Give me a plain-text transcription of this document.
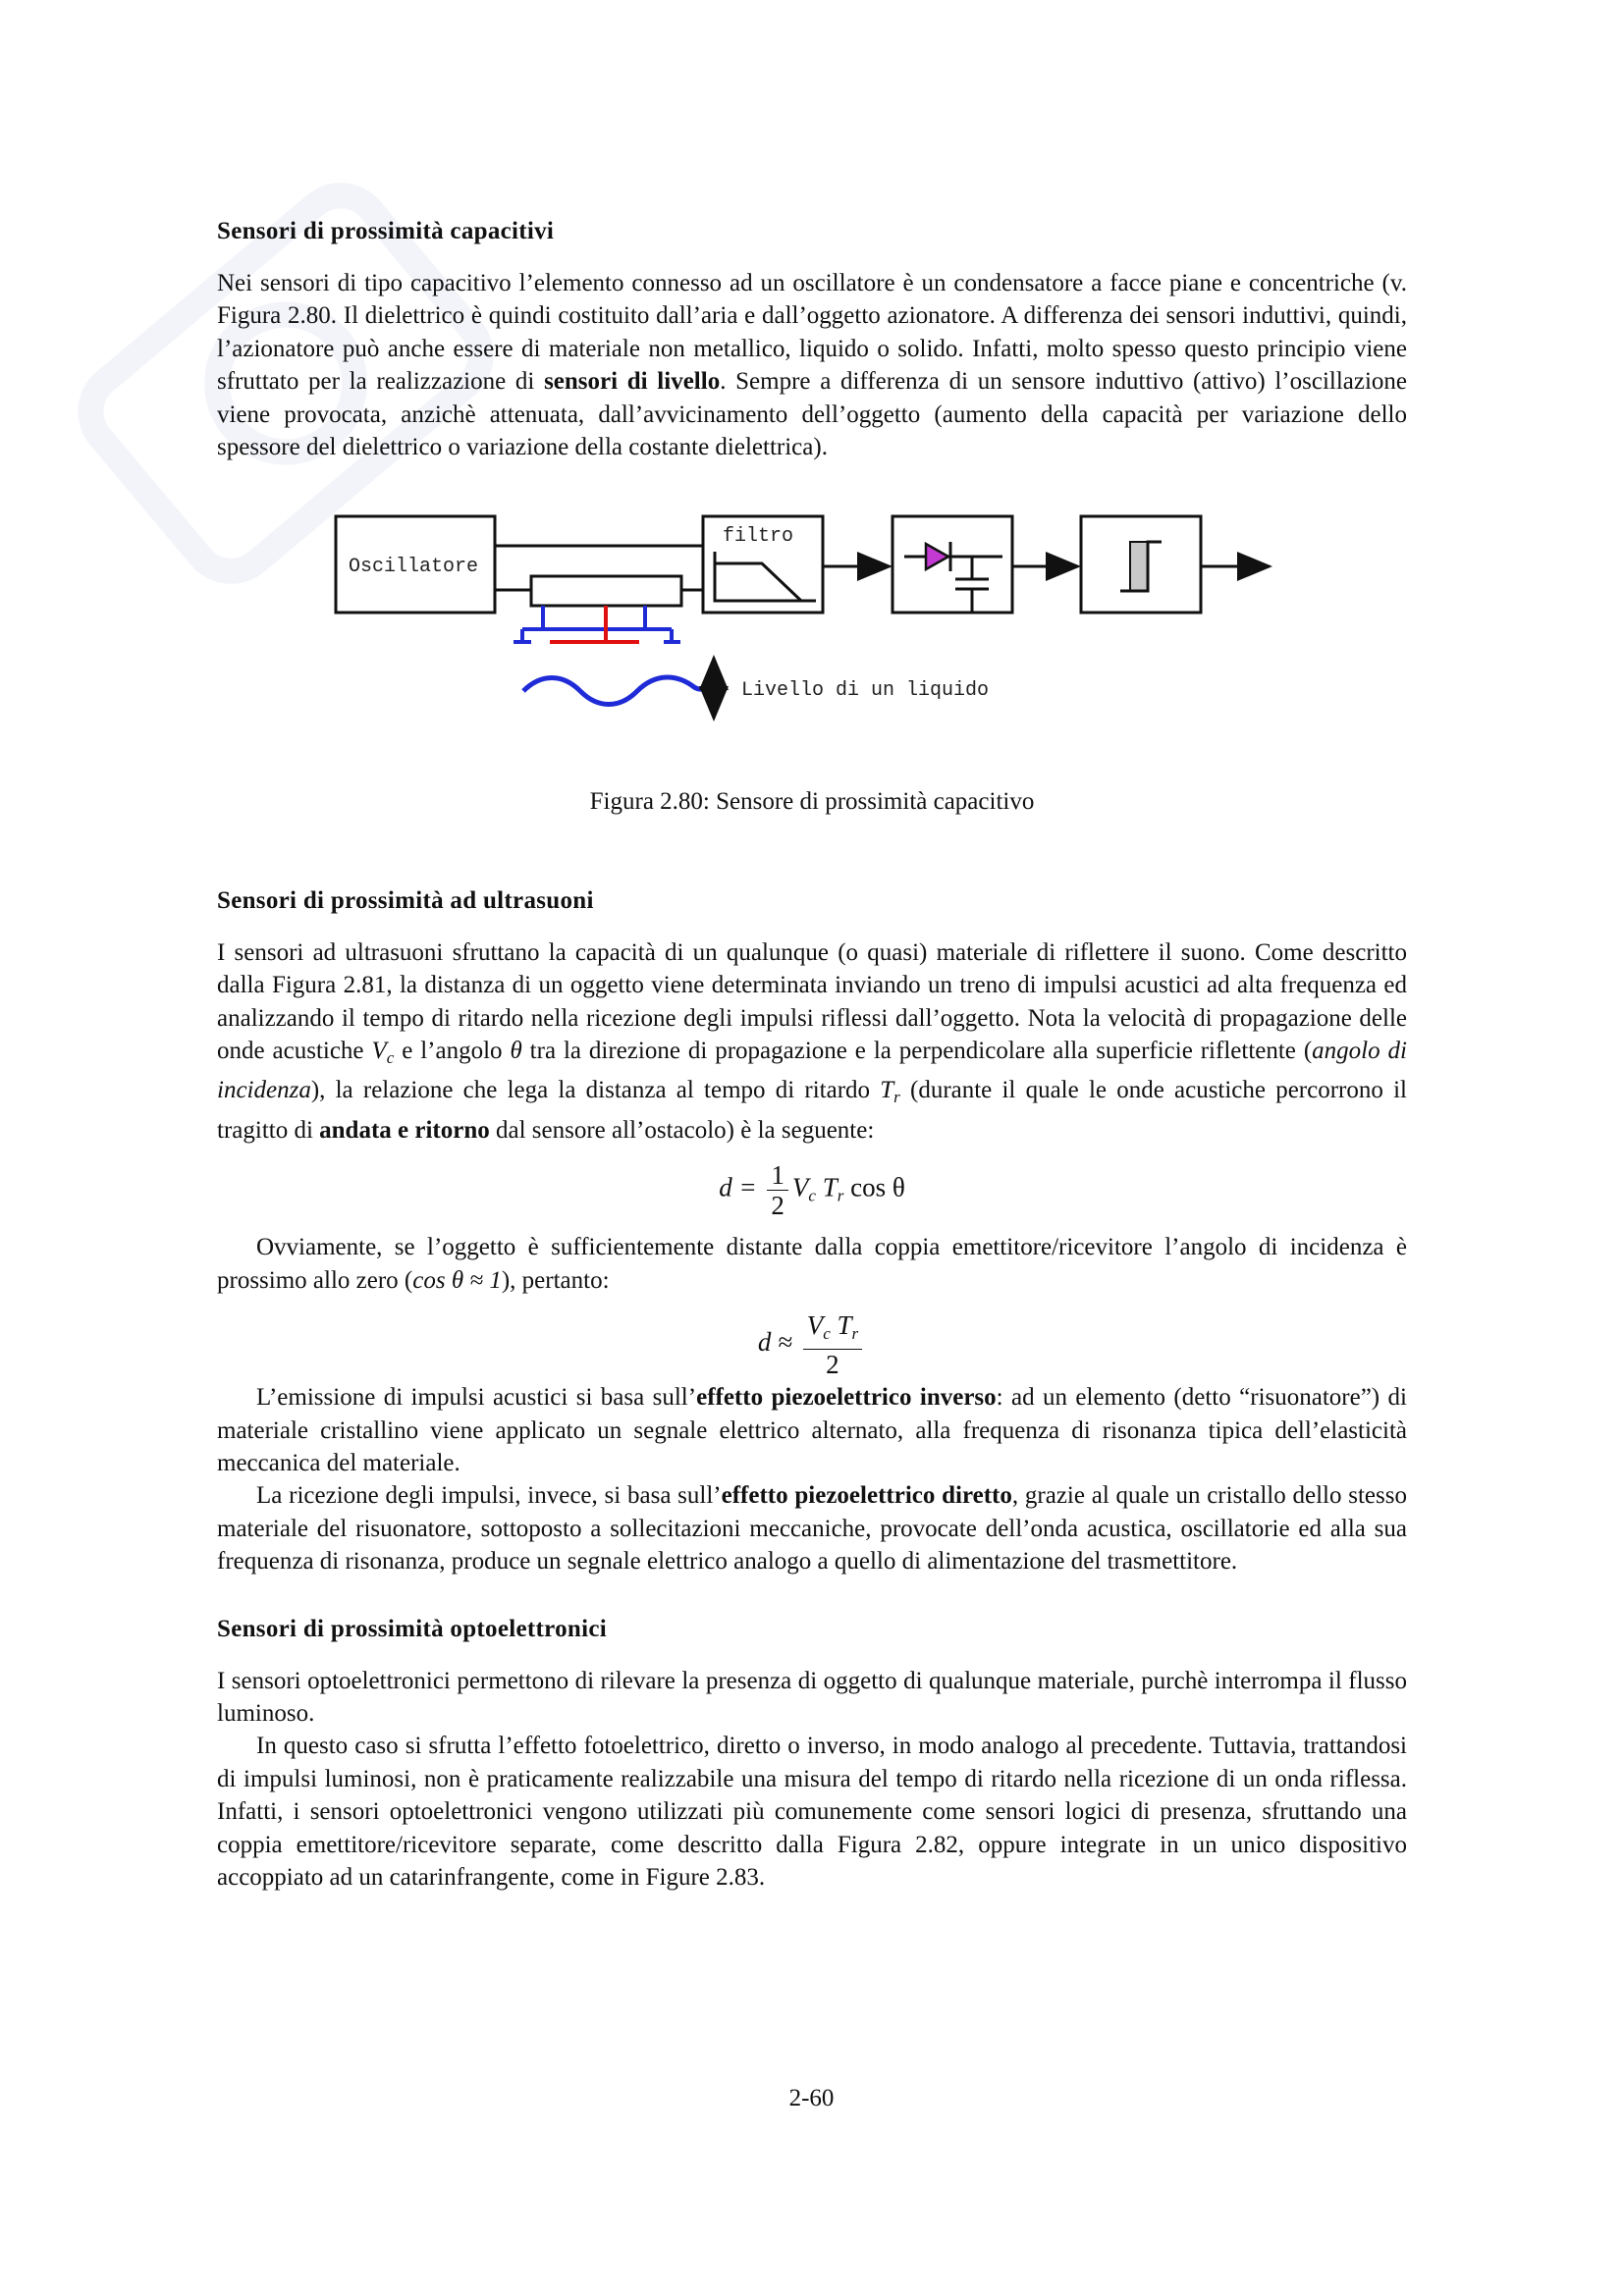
Sensori di prossimità capacitivi

Nei sensori di tipo capacitivo l’elemento connesso ad un oscillatore è un condensatore a facce piane e concentriche (v. Figura 2.80. Il dielettrico è quindi costituito dall’aria e dall’oggetto azionatore. A differenza dei sensori induttivi, quindi, l’azionatore può anche essere di materiale non metallico, liquido o solido. Infatti, molto spesso questo principio viene sfruttato per la realizzazione di sensori di livello. Sempre a differenza di un sensore induttivo (attivo) l’oscillazione viene provocata, anzichè attenuata, dall’avvicinamento dell’oggetto (aumento della capacità per variazione dello spessore del dielettrico o variazione della costante dielettrica).

Oscillatore
filtro
Livello di un liquido

Figura 2.80: Sensore di prossimità capacitivo

Sensori di prossimità ad ultrasuoni

I sensori ad ultrasuoni sfruttano la capacità di un qualunque (o quasi) materiale di riflettere il suono. Come descritto dalla Figura 2.81, la distanza di un oggetto viene determinata inviando un treno di impulsi acustici ad alta frequenza ed analizzando il tempo di ritardo nella ricezione degli impulsi riflessi dall’oggetto. Nota la velocità di propagazione delle onde acustiche $V_c$ e l’angolo θ tra la direzione di propagazione e la perpendicolare alla superficie riflettente (angolo di incidenza), la relazione che lega la distanza al tempo di ritardo $T_r$ (durante il quale le onde acustiche percorrono il tragitto di andata e ritorno dal sensore all’ostacolo) è la seguente:

$d = \frac{1}{2} V_c$ $T_r$ cos θ

Ovviamente, se l’oggetto è sufficientemente distante dalla coppia emettitore/ricevitore l’angolo di incidenza è prossimo allo zero (cos θ ≈ 1), pertanto:

$d \approx \frac{V_c T_r}{2}$

L’emissione di impulsi acustici si basa sull’effetto piezoelettrico inverso: ad un elemento (detto “risuonatore”) di materiale cristallino viene applicato un segnale elettrico alternato, alla frequenza di risonanza tipica dell’elasticità meccanica del materiale.

La ricezione degli impulsi, invece, si basa sull’effetto piezoelettrico diretto, grazie al quale un cristallo dello stesso materiale del risuonatore, sottoposto a sollecitazioni meccaniche, provocate dell’onda acustica, oscillatorie ed alla sua frequenza di risonanza, produce un segnale elettrico analogo a quello di alimentazione del trasmettitore.

Sensori di prossimità optoelettronici

I sensori optoelettronici permettono di rilevare la presenza di oggetto di qualunque materiale, purchè interrompa il flusso luminoso.

In questo caso si sfrutta l’effetto fotoelettrico, diretto o inverso, in modo analogo al precedente. Tuttavia, trattandosi di impulsi luminosi, non è praticamente realizzabile una misura del tempo di ritardo nella ricezione di un onda riflessa. Infatti, i sensori optoelettronici vengono utilizzati più comunemente come sensori logici di presenza, sfruttando una coppia emettitore/ricevitore separate, come descritto dalla Figura 2.82, oppure integrate in un unico dispositivo accoppiato ad un catarinfrangente, come in Figure 2.83.

2-60
